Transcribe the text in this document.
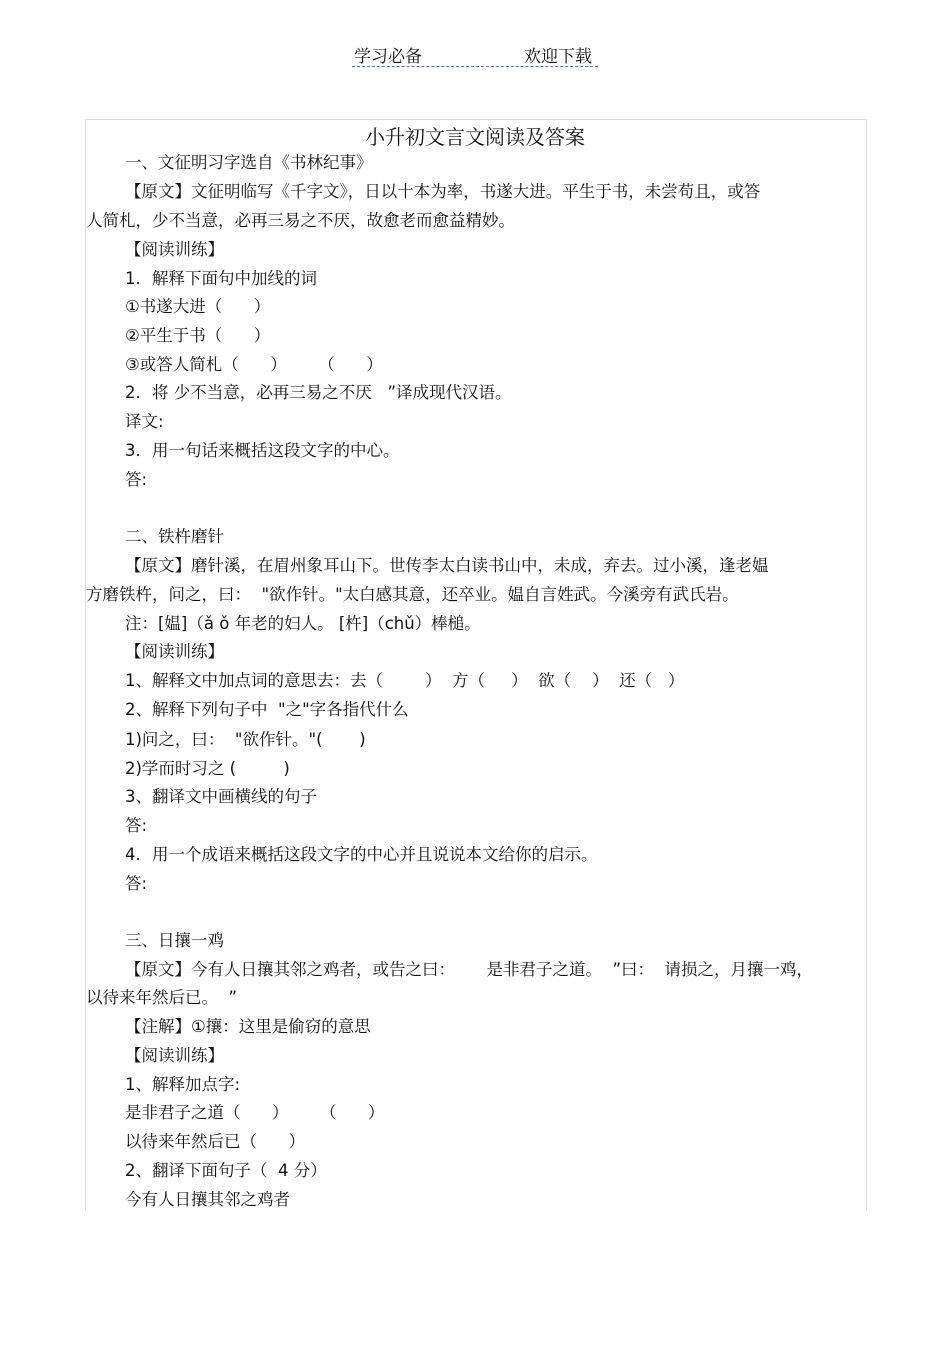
学习必备	欢迎下载
小升初文言文阅读及答案
一、文征明习字选自《书林纪事》
【原文】文征明临写《千字文》，日以十本为率，书遂大进。平生于书，未尝苟且，或答
人简札，少不当意，必再三易之不厌，故愈老而愈益精妙。
【阅读训练】
1．解释下面句中加线的词
①书遂大进（      ）
②平生于书（      ）
③或答人简札（      ）      （      ）
2．将 少不当意，必再三易之不厌   ”译成现代汉语。
译文:
3．用一句话来概括这段文字的中心。
答:
二、铁杵磨针
【原文】磨针溪，在眉州象耳山下。世传李太白读书山中，未成，弃去。过小溪，逢老媪
方磨铁杵，问之，曰：  "欲作针。"太白感其意，还卒业。媪自言姓武。今溪旁有武氏岩。
注：[媪]（ǎ ǒ 年老的妇人。 [杵]（chǔ）棒槌。
【阅读训练】
1、解释文中加点词的意思去：去（        ）  方（     ）  欲（    ）  还（   ）
2、解释下列句子中  "之"字各指代什么
1)问之，曰：  "欲作针。"(       )
2)学而时习之 (         )
3、翻译文中画横线的句子
答:
4．用一个成语来概括这段文字的中心并且说说本文给你的启示。
答:
三、日攘一鸡
【原文】今有人日攘其邻之鸡者，或告之曰：      是非君子之道。  ”曰：  请损之，月攘一鸡，
以待来年然后已。  ”
【注解】①攘：这里是偷窃的意思
【阅读训练】
1、解释加点字:
是非君子之道（      ）      （      ）
以待来年然后已（      ）
2、翻译下面句子（  4 分）
今有人日攘其邻之鸡者
